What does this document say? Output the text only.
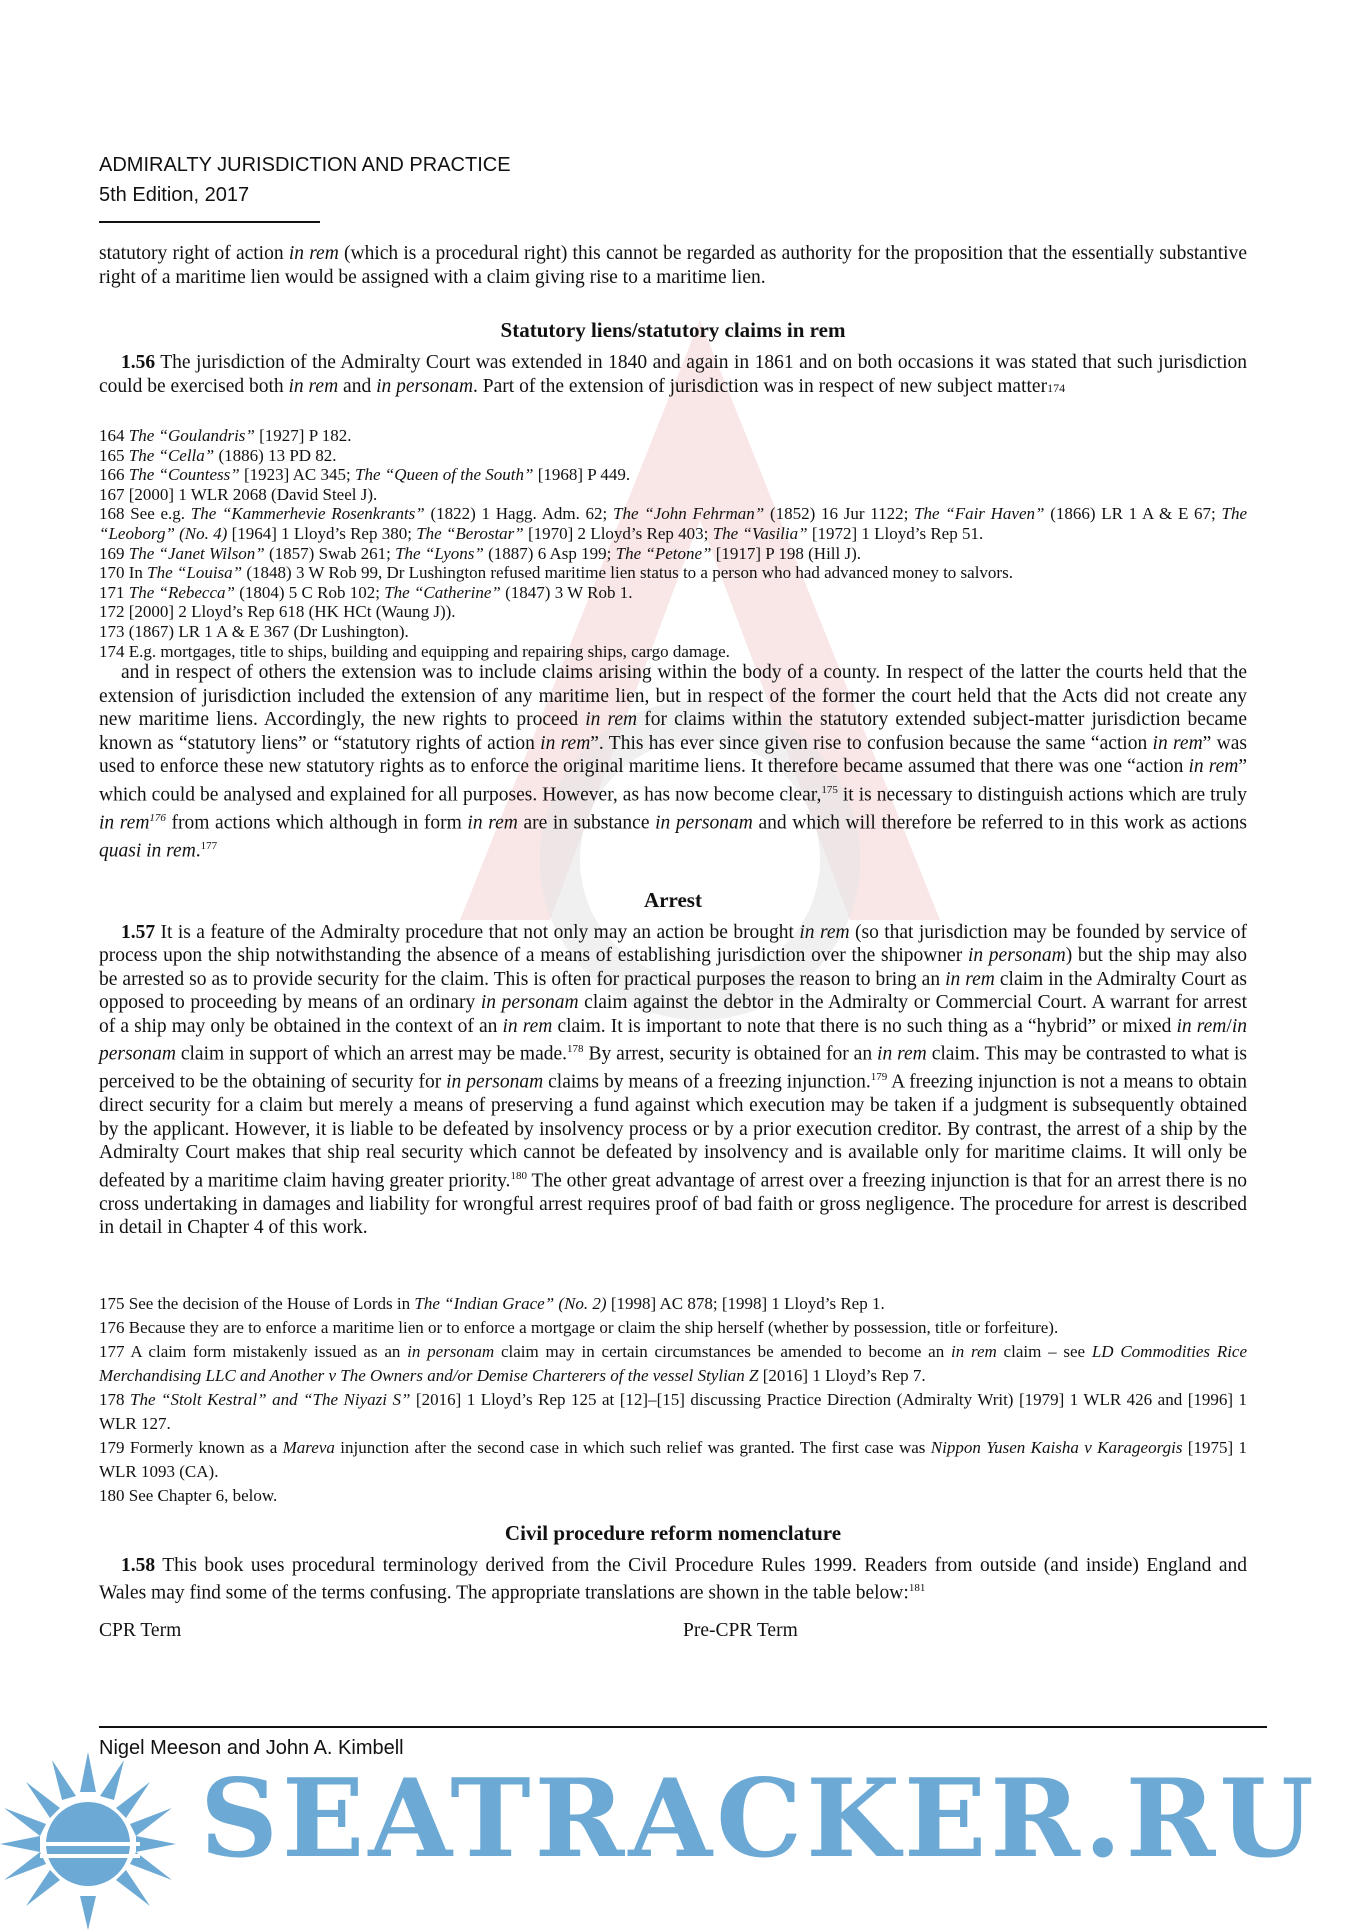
ADMIRALTY JURISDICTION AND PRACTICE
5th Edition, 2017

statutory right of action in rem (which is a procedural right) this cannot be regarded as authority for the proposition that the essentially substantive right of a maritime lien would be assigned with a claim giving rise to a maritime lien.

Statutory liens/statutory claims in rem

1.56 The jurisdiction of the Admiralty Court was extended in 1840 and again in 1861 and on both occasions it was stated that such jurisdiction could be exercised both in rem and in personam. Part of the extension of jurisdiction was in respect of new subject matter174

164 The “Goulandris” [1927] P 182.
165 The “Cella” (1886) 13 PD 82.
166 The “Countess” [1923] AC 345; The “Queen of the South” [1968] P 449.
167 [2000] 1 WLR 2068 (David Steel J).
168 See e.g. The “Kammerhevie Rosenkrants” (1822) 1 Hagg. Adm. 62; The “John Fehrman” (1852) 16 Jur 1122; The “Fair Haven” (1866) LR 1 A & E 67; The “Leoborg” (No. 4) [1964] 1 Lloyd’s Rep 380; The “Berostar” [1970] 2 Lloyd’s Rep 403; The “Vasilia” [1972] 1 Lloyd’s Rep 51.
169 The “Janet Wilson” (1857) Swab 261; The “Lyons” (1887) 6 Asp 199; The “Petone” [1917] P 198 (Hill J).
170 In The “Louisa” (1848) 3 W Rob 99, Dr Lushington refused maritime lien status to a person who had advanced money to salvors.
171 The “Rebecca” (1804) 5 C Rob 102; The “Catherine” (1847) 3 W Rob 1.
172 [2000] 2 Lloyd’s Rep 618 (HK HCt (Waung J)).
173 (1867) LR 1 A & E 367 (Dr Lushington).
174 E.g. mortgages, title to ships, building and equipping and repairing ships, cargo damage.

and in respect of others the extension was to include claims arising within the body of a county. In respect of the latter the courts held that the extension of jurisdiction included the extension of any maritime lien, but in respect of the former the court held that the Acts did not create any new maritime liens. Accordingly, the new rights to proceed in rem for claims within the statutory extended subject-matter jurisdiction became known as “statutory liens” or “statutory rights of action in rem”. This has ever since given rise to confusion because the same “action in rem” was used to enforce these new statutory rights as to enforce the original maritime liens. It therefore became assumed that there was one “action in rem” which could be analysed and explained for all purposes. However, as has now become clear,$^{175}$ it is necessary to distinguish actions which are truly in rem$^{176}$ from actions which although in form in rem are in substance in personam and which will therefore be referred to in this work as actions quasi in rem.$^{177}$

Arrest

1.57 It is a feature of the Admiralty procedure that not only may an action be brought in rem (so that jurisdiction may be founded by service of process upon the ship notwithstanding the absence of a means of establishing jurisdiction over the shipowner in personam) but the ship may also be arrested so as to provide security for the claim. This is often for practical purposes the reason to bring an in rem claim in the Admiralty Court as opposed to proceeding by means of an ordinary in personam claim against the debtor in the Admiralty or Commercial Court. A warrant for arrest of a ship may only be obtained in the context of an in rem claim. It is important to note that there is no such thing as a “hybrid” or mixed in rem/in personam claim in support of which an arrest may be made.$^{178}$ By arrest, security is obtained for an in rem claim. This may be contrasted to what is perceived to be the obtaining of security for in personam claims by means of a freezing injunction.$^{179}$ A freezing injunction is not a means to obtain direct security for a claim but merely a means of preserving a fund against which execution may be taken if a judgment is subsequently obtained by the applicant. However, it is liable to be defeated by insolvency process or by a prior execution creditor. By contrast, the arrest of a ship by the Admiralty Court makes that ship real security which cannot be defeated by insolvency and is available only for maritime claims. It will only be defeated by a maritime claim having greater priority.$^{180}$ The other great advantage of arrest over a freezing injunction is that for an arrest there is no cross undertaking in damages and liability for wrongful arrest requires proof of bad faith or gross negligence. The procedure for arrest is described in detail in Chapter 4 of this work.

175 See the decision of the House of Lords in The “Indian Grace” (No. 2) [1998] AC 878; [1998] 1 Lloyd’s Rep 1.
176 Because they are to enforce a maritime lien or to enforce a mortgage or claim the ship herself (whether by possession, title or forfeiture).
177 A claim form mistakenly issued as an in personam claim may in certain circumstances be amended to become an in rem claim – see LD Commodities Rice Merchandising LLC and Another v The Owners and/or Demise Charterers of the vessel Stylian Z [2016] 1 Lloyd’s Rep 7.
178 The “Stolt Kestral” and “The Niyazi S” [2016] 1 Lloyd’s Rep 125 at [12]–[15] discussing Practice Direction (Admiralty Writ) [1979] 1 WLR 426 and [1996] 1 WLR 127.
179 Formerly known as a Mareva injunction after the second case in which such relief was granted. The first case was Nippon Yusen Kaisha v Karageorgis [1975] 1 WLR 1093 (CA).
180 See Chapter 6, below.
Civil procedure reform nomenclature

1.58 This book uses procedural terminology derived from the Civil Procedure Rules 1999. Readers from outside (and inside) England and Wales may find some of the terms confusing. The appropriate translations are shown in the table below:$^{181}$

CPR Term	Pre-CPR Term
Nigel Meeson and John A. Kimbell
SEATRACKER.RU
